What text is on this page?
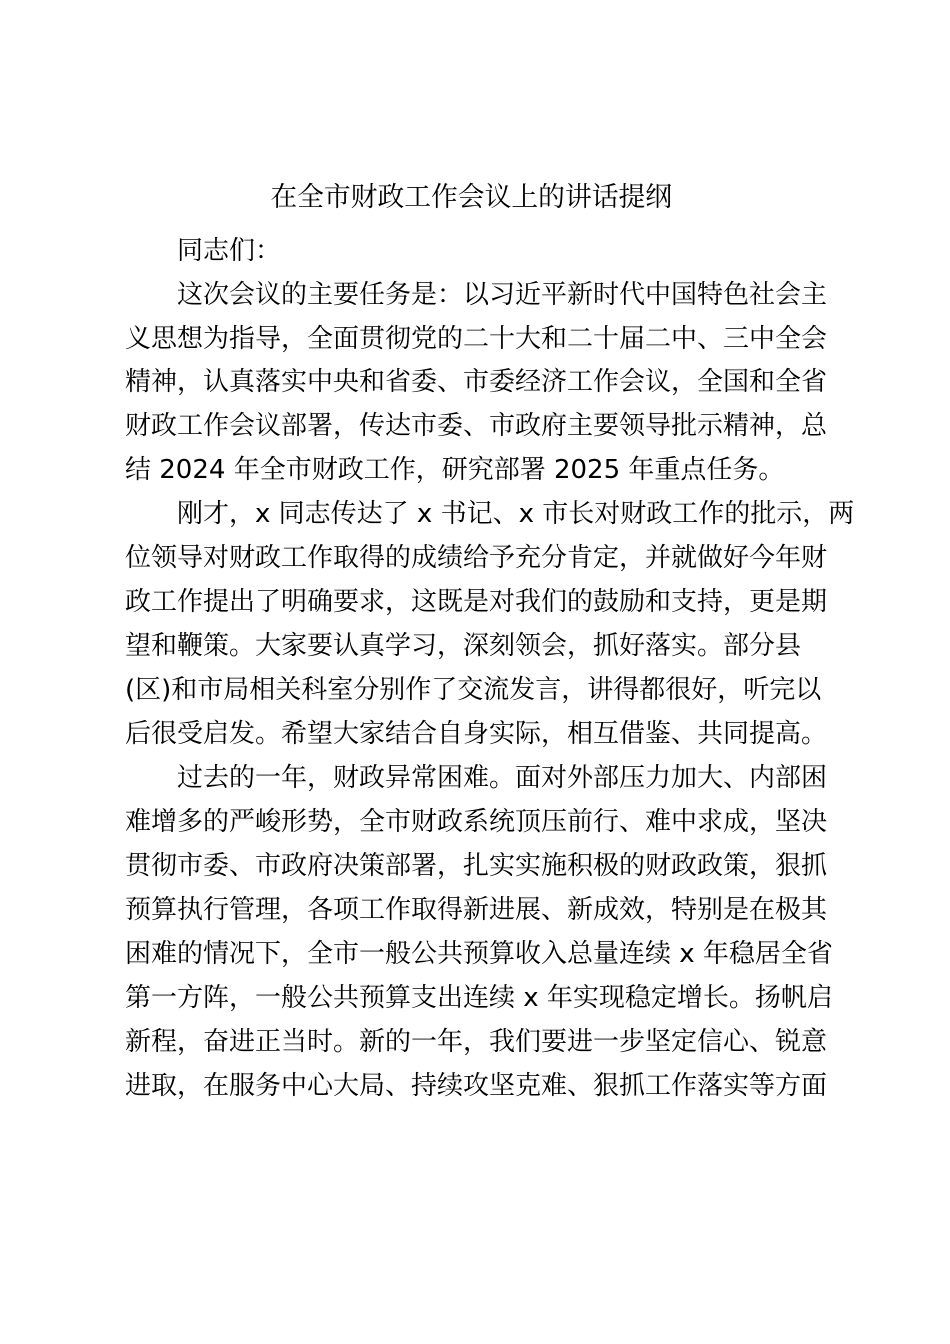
在全市财政工作会议上的讲话提纲
同志们：
这次会议的主要任务是：以习近平新时代中国特色社会主
义思想为指导，全面贯彻党的二十大和二十届二中、三中全会
精神，认真落实中央和省委、市委经济工作会议，全国和全省
财政工作会议部署，传达市委、市政府主要领导批示精神，总
结 2024 年全市财政工作，研究部署 2025 年重点任务。
刚才，x 同志传达了 x 书记、x 市长对财政工作的批示，两
位领导对财政工作取得的成绩给予充分肯定，并就做好今年财
政工作提出了明确要求，这既是对我们的鼓励和支持，更是期
望和鞭策。大家要认真学习，深刻领会，抓好落实。部分县
(区)和市局相关科室分别作了交流发言，讲得都很好，听完以
后很受启发。希望大家结合自身实际，相互借鉴、共同提高。
过去的一年，财政异常困难。面对外部压力加大、内部困
难增多的严峻形势，全市财政系统顶压前行、难中求成，坚决
贯彻市委、市政府决策部署，扎实实施积极的财政政策，狠抓
预算执行管理，各项工作取得新进展、新成效，特别是在极其
困难的情况下，全市一般公共预算收入总量连续 x 年稳居全省
第一方阵，一般公共预算支出连续 x 年实现稳定增长。扬帆启
新程，奋进正当时。新的一年，我们要进一步坚定信心、锐意
进取，在服务中心大局、持续攻坚克难、狠抓工作落实等方面
